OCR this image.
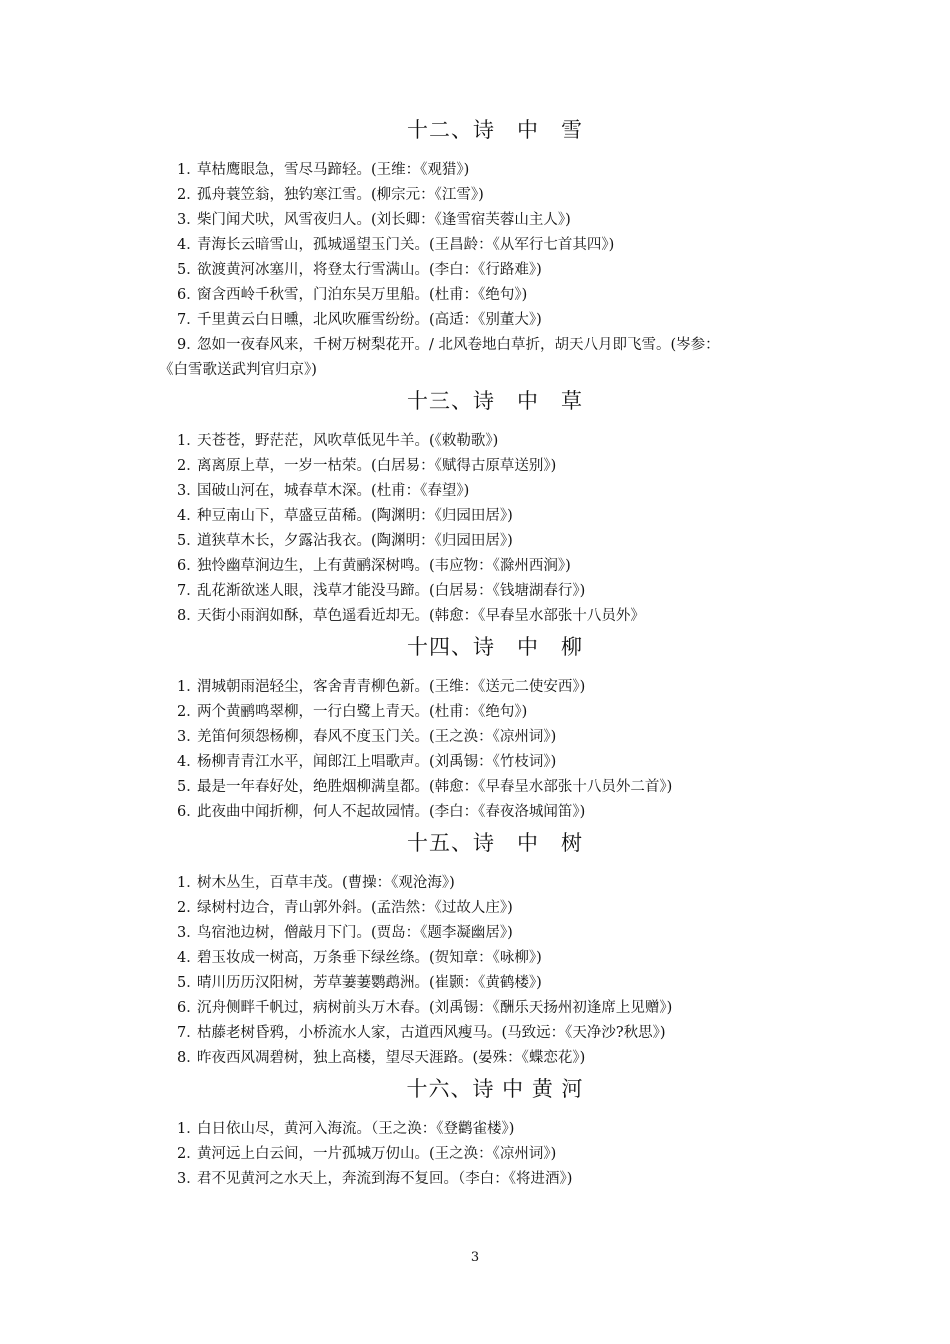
十二、诗　中　雪
1．草枯鹰眼急，雪尽马蹄轻。(王维：《观猎》)
2．孤舟蓑笠翁，独钓寒江雪。(柳宗元：《江雪》)
3．柴门闻犬吠，风雪夜归人。(刘长卿：《逢雪宿芙蓉山主人》)
4．青海长云暗雪山，孤城遥望玉门关。(王昌龄：《从军行七首其四》)
5．欲渡黄河冰塞川，将登太行雪满山。(李白：《行路难》)
6．窗含西岭千秋雪，门泊东吴万里船。(杜甫：《绝句》)
7．千里黄云白日曛，北风吹雁雪纷纷。(高适：《别董大》)
9．忽如一夜春风来，千树万树梨花开。/ 北风卷地白草折，胡天八月即飞雪。(岑参：
《白雪歌送武判官归京》)
十三、诗　中　草
1．天苍苍，野茫茫，风吹草低见牛羊。(《敕勒歌》)
2．离离原上草，一岁一枯荣。(白居易：《赋得古原草送别》)
3．国破山河在，城春草木深。(杜甫：《春望》)
4．种豆南山下，草盛豆苗稀。(陶渊明：《归园田居》)
5．道狭草木长，夕露沾我衣。(陶渊明：《归园田居》)
6．独怜幽草涧边生，上有黄鹂深树鸣。(韦应物：《滁州西涧》)
7．乱花渐欲迷人眼，浅草才能没马蹄。(白居易：《钱塘湖春行》)
8．天街小雨润如酥，草色遥看近却无。(韩愈：《早春呈水部张十八员外》
十四、诗　中　柳
1．渭城朝雨浥轻尘，客舍青青柳色新。(王维：《送元二使安西》)
2．两个黄鹂鸣翠柳，一行白鹭上青天。(杜甫：《绝句》)
3．羌笛何须怨杨柳，春风不度玉门关。(王之涣：《凉州词》)
4．杨柳青青江水平，闻郎江上唱歌声。(刘禹锡：《竹枝词》)
5．最是一年春好处，绝胜烟柳满皇都。(韩愈：《早春呈水部张十八员外二首》)
6．此夜曲中闻折柳，何人不起故园情。(李白：《春夜洛城闻笛》)
十五、诗　中　树
1．树木丛生，百草丰茂。(曹操：《观沧海》)
2．绿树村边合，青山郭外斜。(孟浩然：《过故人庄》)
3．鸟宿池边树，僧敲月下门。(贾岛：《题李凝幽居》)
4．碧玉妆成一树高，万条垂下绿丝绦。(贺知章：《咏柳》)
5．晴川历历汉阳树，芳草萋萋鹦鹉洲。(崔颢：《黄鹤楼》)
6．沉舟侧畔千帆过，病树前头万木春。(刘禹锡：《酬乐天扬州初逢席上见赠》)
7．枯藤老树昏鸦，小桥流水人家，古道西风瘦马。(马致远：《天净沙?秋思》)
8．昨夜西风凋碧树，独上高楼，望尽天涯路。(晏殊：《蝶恋花》)
十六、诗 中 黄 河
1．白日依山尽，黄河入海流。（王之涣：《登鹳雀楼》)
2．黄河远上白云间，一片孤城万仞山。(王之涣：《凉州词》)
3．君不见黄河之水天上，奔流到海不复回。（李白：《将进酒》)
3
